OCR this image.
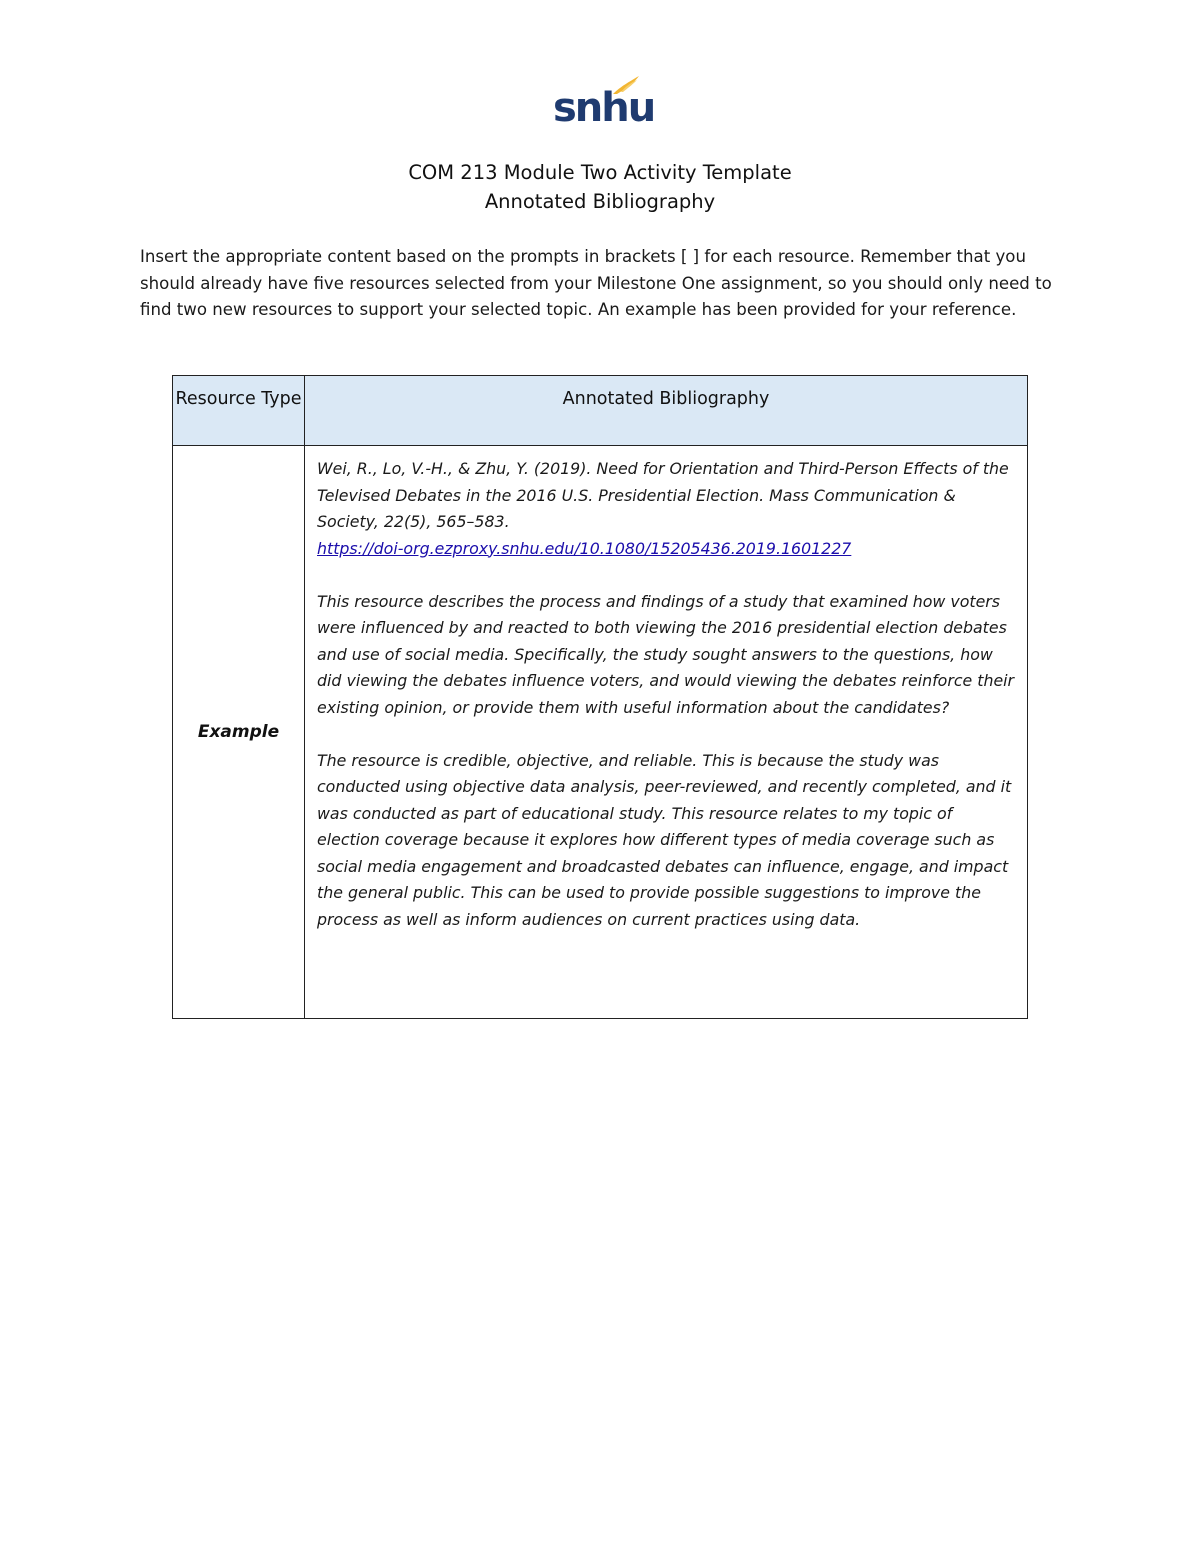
snhu
COM 213 Module Two Activity Template
Annotated Bibliography
Insert the appropriate content based on the prompts in brackets [ ] for each resource. Remember that you should already have five resources selected from your Milestone One assignment, so you should only need to find two new resources to support your selected topic. An example has been provided for your reference.
Resource Type	Annotated Bibliography
Example	Wei, R., Lo, V.-H., & Zhu, Y. (2019). Need for Orientation and Third-Person Effects of the Televised Debates in the 2016 U.S. Presidential Election. Mass Communication & Society, 22(5), 565–583.
https://doi-org.ezproxy.snhu.edu/10.1080/15205436.2019.1601227

This resource describes the process and findings of a study that examined how voters were influenced by and reacted to both viewing the 2016 presidential election debates and use of social media. Specifically, the study sought answers to the questions, how did viewing the debates influence voters, and would viewing the debates reinforce their existing opinion, or provide them with useful information about the candidates?

The resource is credible, objective, and reliable. This is because the study was conducted using objective data analysis, peer-reviewed, and recently completed, and it was conducted as part of educational study. This resource relates to my topic of election coverage because it explores how different types of media coverage such as social media engagement and broadcasted debates can influence, engage, and impact the general public. This can be used to provide possible suggestions to improve the process as well as inform audiences on current practices using data.
